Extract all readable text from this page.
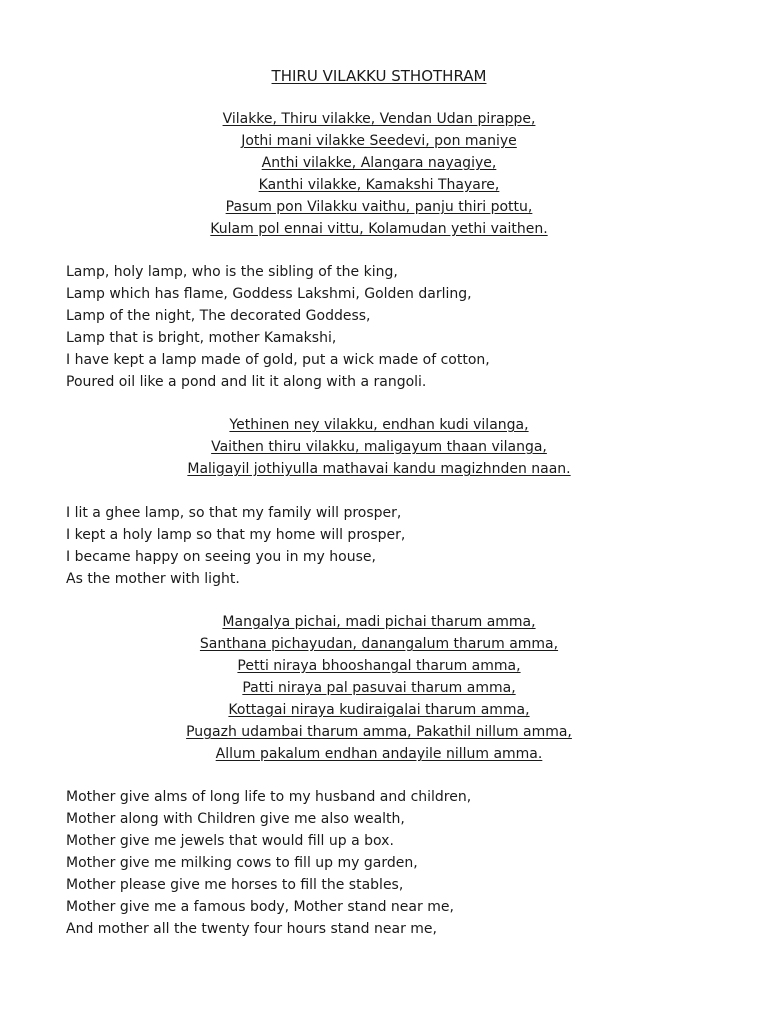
THIRU VILAKKU STHOTHRAM
Vilakke, Thiru vilakke, Vendan Udan pirappe,
Jothi mani vilakke Seedevi, pon maniye
Anthi vilakke, Alangara nayagiye,
Kanthi vilakke, Kamakshi Thayare,
Pasum pon Vilakku vaithu, panju thiri pottu,
Kulam pol ennai vittu, Kolamudan yethi vaithen.
Lamp, holy lamp, who is the sibling of the king,
Lamp which has flame, Goddess Lakshmi, Golden darling,
Lamp of the night, The decorated Goddess,
Lamp that is bright, mother Kamakshi,
I have kept a lamp made of gold, put a wick made of cotton,
Poured oil like a pond and lit it along with a rangoli.
Yethinen ney vilakku, endhan kudi vilanga,
Vaithen thiru vilakku, maligayum thaan vilanga,
Maligayil jothiyulla mathavai kandu magizhnden naan.
I lit a ghee lamp, so that my family will prosper,
I kept a holy lamp so that my home will prosper,
I became happy on seeing you in my house,
As the mother with light.
Mangalya pichai, madi pichai tharum amma,
Santhana pichayudan, danangalum tharum amma,
Petti niraya bhooshangal tharum amma,
Patti niraya pal pasuvai tharum amma,
Kottagai niraya kudiraigalai tharum amma,
Pugazh udambai tharum amma, Pakathil nillum amma,
Allum pakalum endhan andayile nillum amma.
Mother give alms of long life to my husband and children,
Mother along with Children give me also wealth,
Mother give me jewels that would fill up a box.
Mother give me milking cows to fill up my garden,
Mother please give me horses to fill the stables,
Mother give me a famous body, Mother stand near me,
And mother all the twenty four hours stand near me,
